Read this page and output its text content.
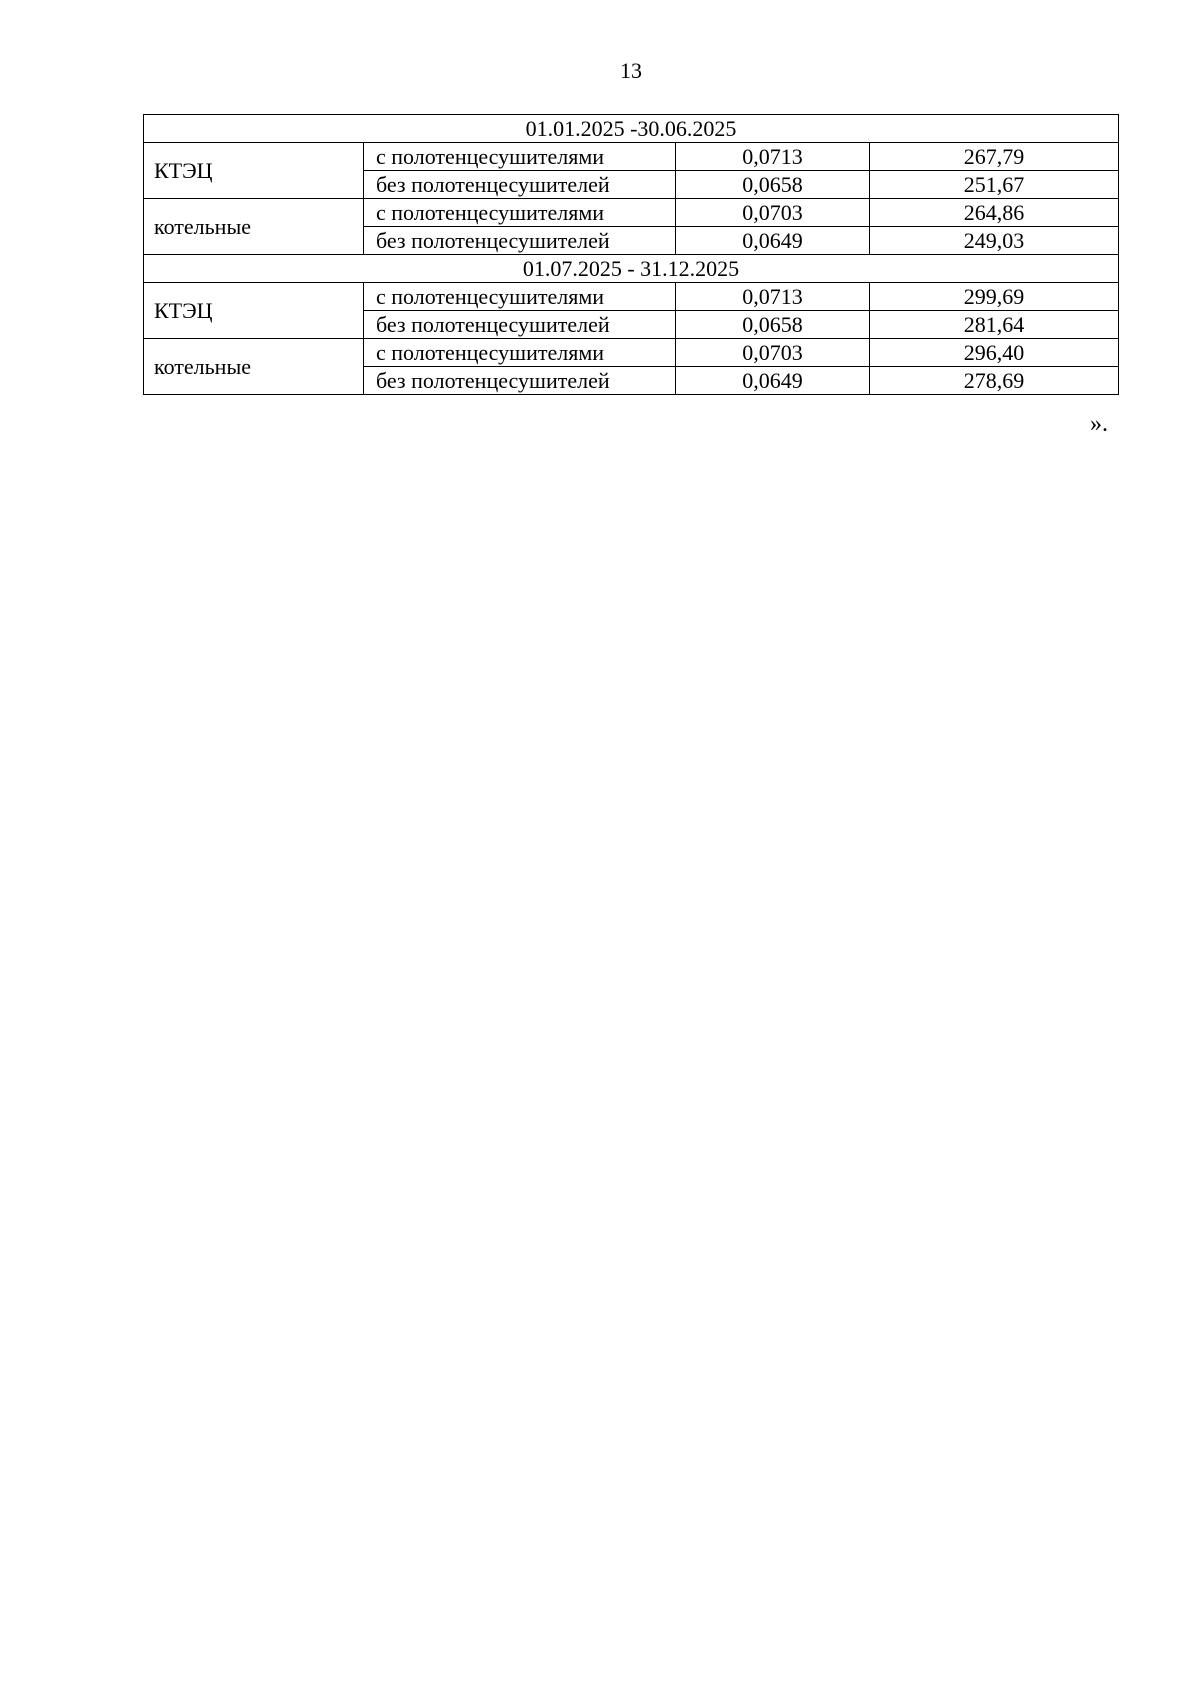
13
01.01.2025 -30.06.2025			
КТЭЦ	с полотенцесушителями	0,0713	267,79
	без полотенцесушителей	0,0658	251,67
котельные	с полотенцесушителями	0,0703	264,86
	без полотенцесушителей	0,0649	249,03
01.07.2025 - 31.12.2025			
КТЭЦ	с полотенцесушителями	0,0713	299,69
	без полотенцесушителей	0,0658	281,64
котельные	с полотенцесушителями	0,0703	296,40
	без полотенцесушителей	0,0649	278,69
».
